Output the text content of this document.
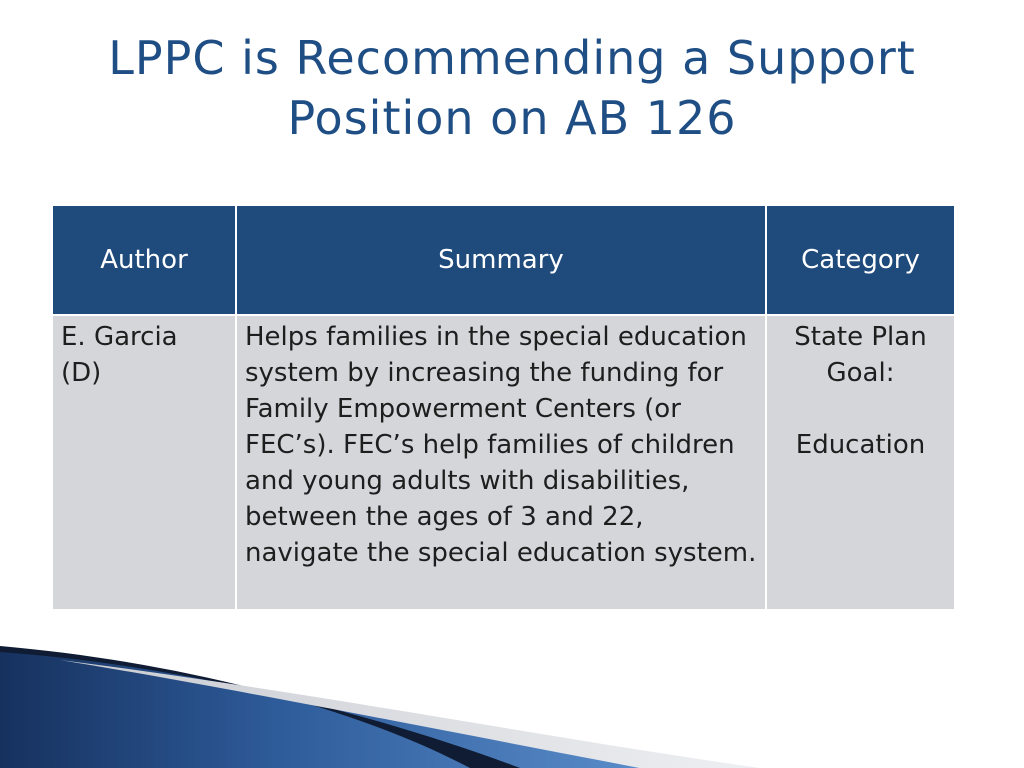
LPPC is Recommending a Support
Position on AB 126
Author	Summary	Category

E. Garcia
(D)	Helps families in the special education system by increasing the funding for Family Empowerment Centers (or FEC’s). FEC’s help families of children and young adults with disabilities, between the ages of 3 and 22, navigate the special education system.	State Plan Goal:
Education
